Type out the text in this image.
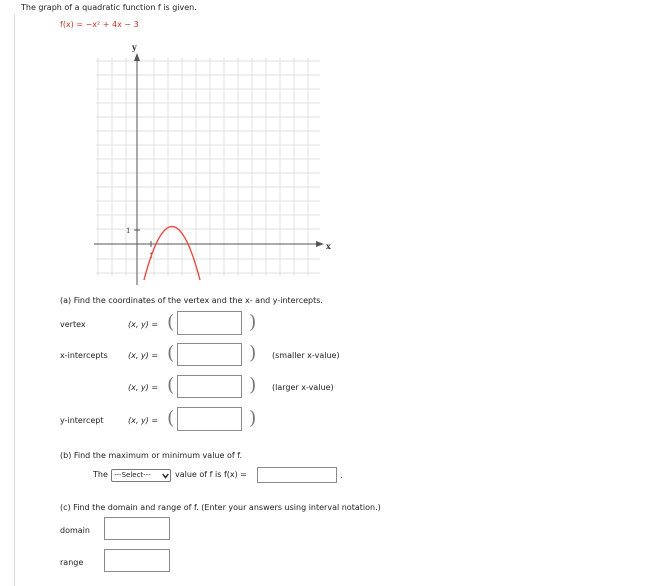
The graph of a quadratic function f is given.
f(x) = −x² + 4x − 3
y
x
1
1
(a) Find the coordinates of the vertex and the x- and y-intercepts.
vertex	(x, y) = (	)
x-intercepts	(x, y) = (	) (smaller x-value)
(x, y) = (	) (larger x-value)
y-intercept	(x, y) = (	)
(b) Find the maximum or minimum value of f.
The ---Select---	value of f is f(x) =	.
(c) Find the domain and range of f. (Enter your answers using interval notation.)
domain
range
